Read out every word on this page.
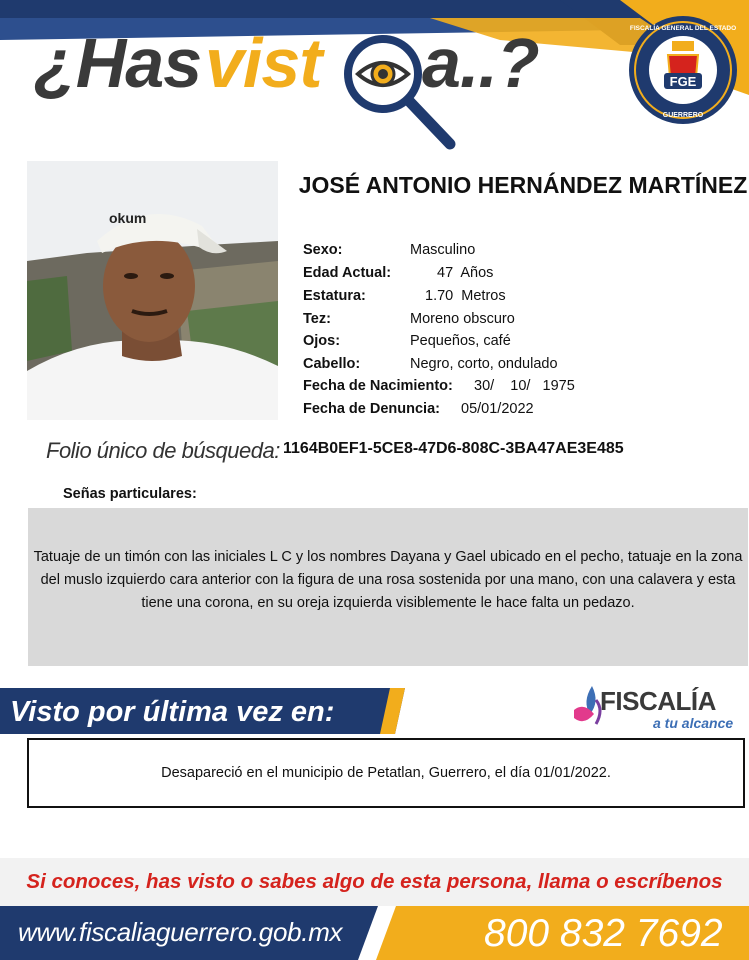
¿Has vist a..?	FGE
FISCALÍA GENERAL DEL ESTADO
GUERRERO
okum
JOSÉ ANTONIO HERNÁNDEZ MARTÍNEZ
Sexo:	Masculino
Edad Actual:	47  Años
Estatura:	1.70  Metros
Tez:	Moreno obscuro
Ojos:	Pequeños, café
Cabello:	Negro, corto, ondulado
Fecha de Nacimiento: 30/    10/   1975
Fecha de Denuncia: 05/01/2022
Folio único de búsqueda: 1164B0EF1-5CE8-47D6-808C-3BA47AE3E485
Señas particulares:
Tatuaje de un timón con las iniciales L C y los nombres Dayana y Gael ubicado en el pecho, tatuaje en la zona del muslo izquierdo cara anterior con la figura de una rosa sostenida por una mano, con una calavera y esta tiene una corona, en su oreja izquierda visiblemente le hace falta un pedazo.
Visto por última vez en:	FISCALÍA
a tu alcance
Desapareció en el municipio de Petatlan, Guerrero, el día 01/01/2022.
Si conoces, has visto o sabes algo de esta persona, llama o escríbenos
www.fiscaliaguerrero.gob.mx	800 832 7692
